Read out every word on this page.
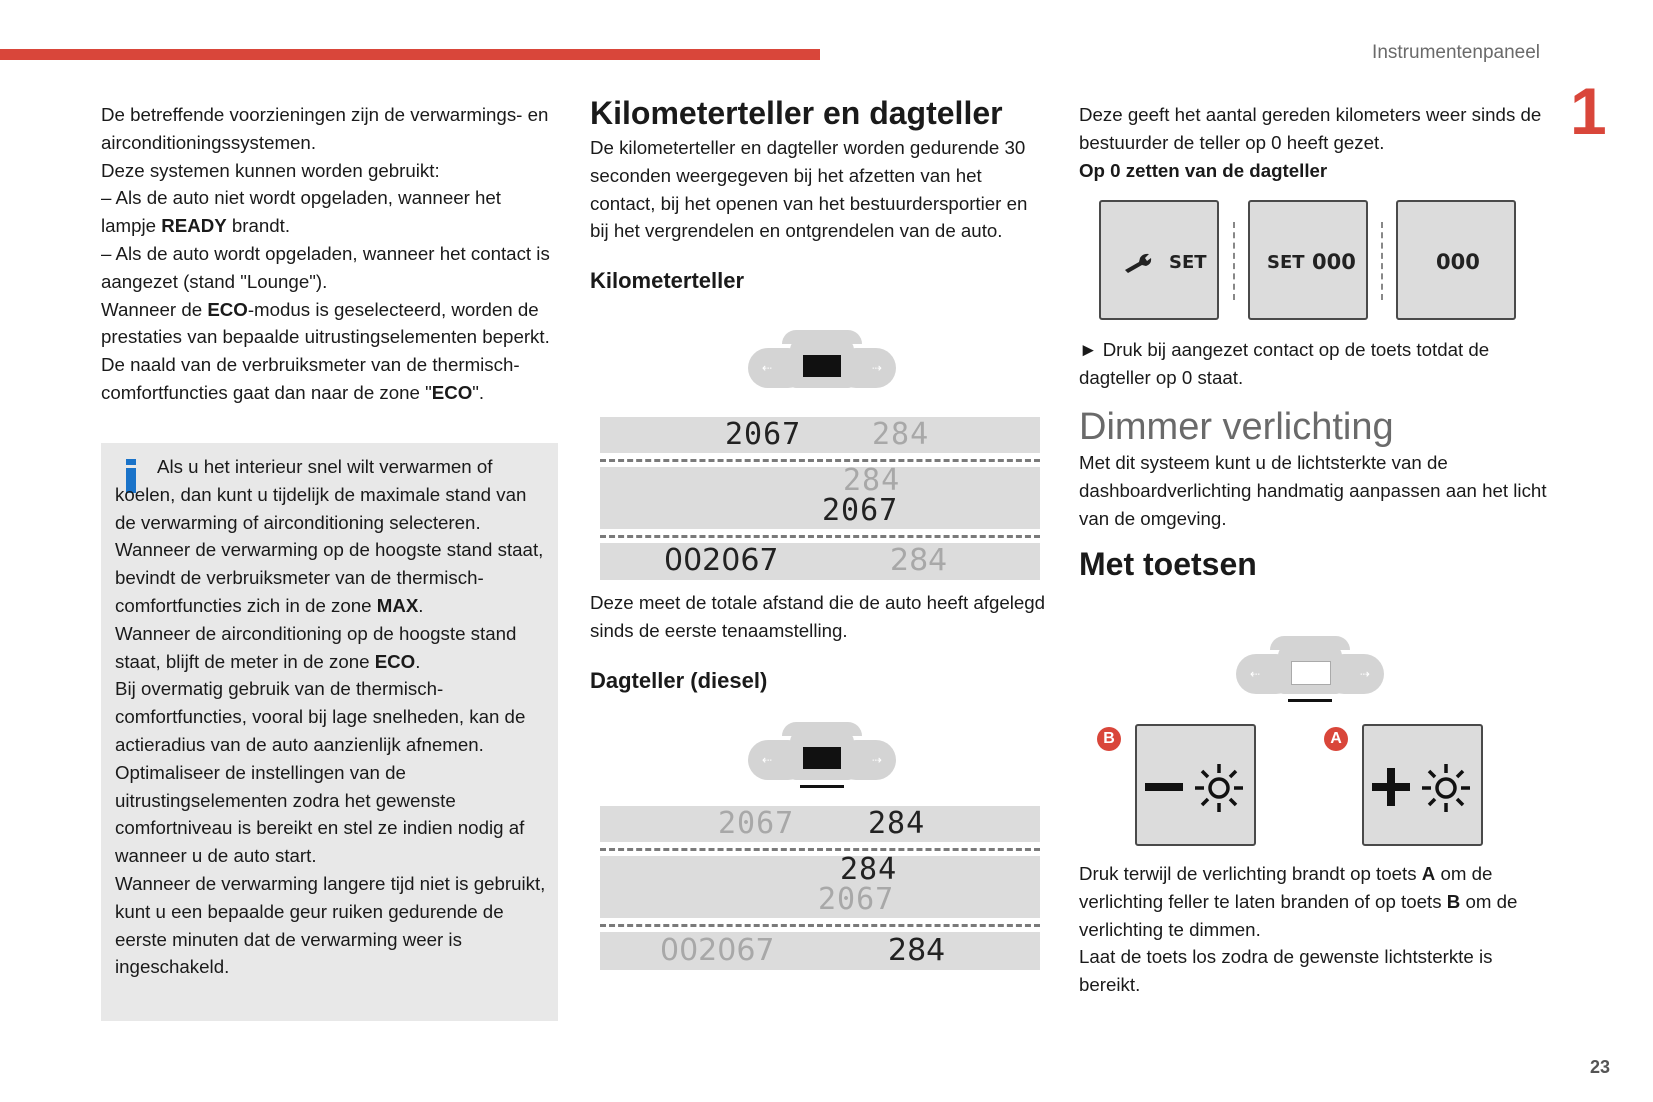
Instrumentenpaneel
1
23

De betreffende voorzieningen zijn de verwarmings- en airconditioningssystemen.

Deze systemen kunnen worden gebruikt:

– Als de auto niet wordt opgeladen, wanneer het lampje READY brandt.

– Als de auto wordt opgeladen, wanneer het contact is aangezet (stand "Lounge").

Wanneer de ECO-modus is geselecteerd, worden de prestaties van bepaalde uitrustingselementen beperkt. De naald van de verbruiksmeter van de thermisch-comfortfuncties gaat dan naar de zone "ECO".

Als u het interieur snel wilt verwarmen of koelen, dan kunt u tijdelijk de maximale stand van de verwarming of airconditioning selecteren.

Wanneer de verwarming op de hoogste stand staat, bevindt de verbruiksmeter van de thermisch-comfortfuncties zich in de zone MAX.

Wanneer de airconditioning op de hoogste stand staat, blijft de meter in de zone ECO.

Bij overmatig gebruik van de thermisch-comfortfuncties, vooral bij lage snelheden, kan de actieradius van de auto aanzienlijk afnemen.

Optimaliseer de instellingen van de uitrustingselementen zodra het gewenste comfortniveau is bereikt en stel ze indien nodig af wanneer u de auto start.

Wanneer de verwarming langere tijd niet is gebruikt, kunt u een bepaalde geur ruiken gedurende de eerste minuten dat de verwarming weer is ingeschakeld.

Kilometerteller en dagteller

De kilometerteller en dagteller worden gedurende 30 seconden weergegeven bij het afzetten van het contact, bij het openen van het bestuurdersportier en bij het vergrendelen en ontgrendelen van de auto.

Kilometerteller
⇠	⇢
2067 284
284
2067
002067	284

Deze meet de totale afstand die de auto heeft afgelegd sinds de eerste tenaamstelling.

Dagteller (diesel)
⇠	⇢
2067 284
284
2067
002067	284

Deze geeft het aantal gereden kilometers weer sinds de bestuurder de teller op 0 heeft gezet.

Op 0 zetten van de dagteller

SET	SET 000	000

► Druk bij aangezet contact op de toets totdat de dagteller op 0 staat.

Dimmer verlichting

Met dit systeem kunt u de lichtsterkte van de dashboardverlichting handmatig aanpassen aan het licht van de omgeving.

Met toetsen
⇠	⇢
B	A

Druk terwijl de verlichting brandt op toets A om de verlichting feller te laten branden of op toets B om de verlichting te dimmen.

Laat de toets los zodra de gewenste lichtsterkte is bereikt.
